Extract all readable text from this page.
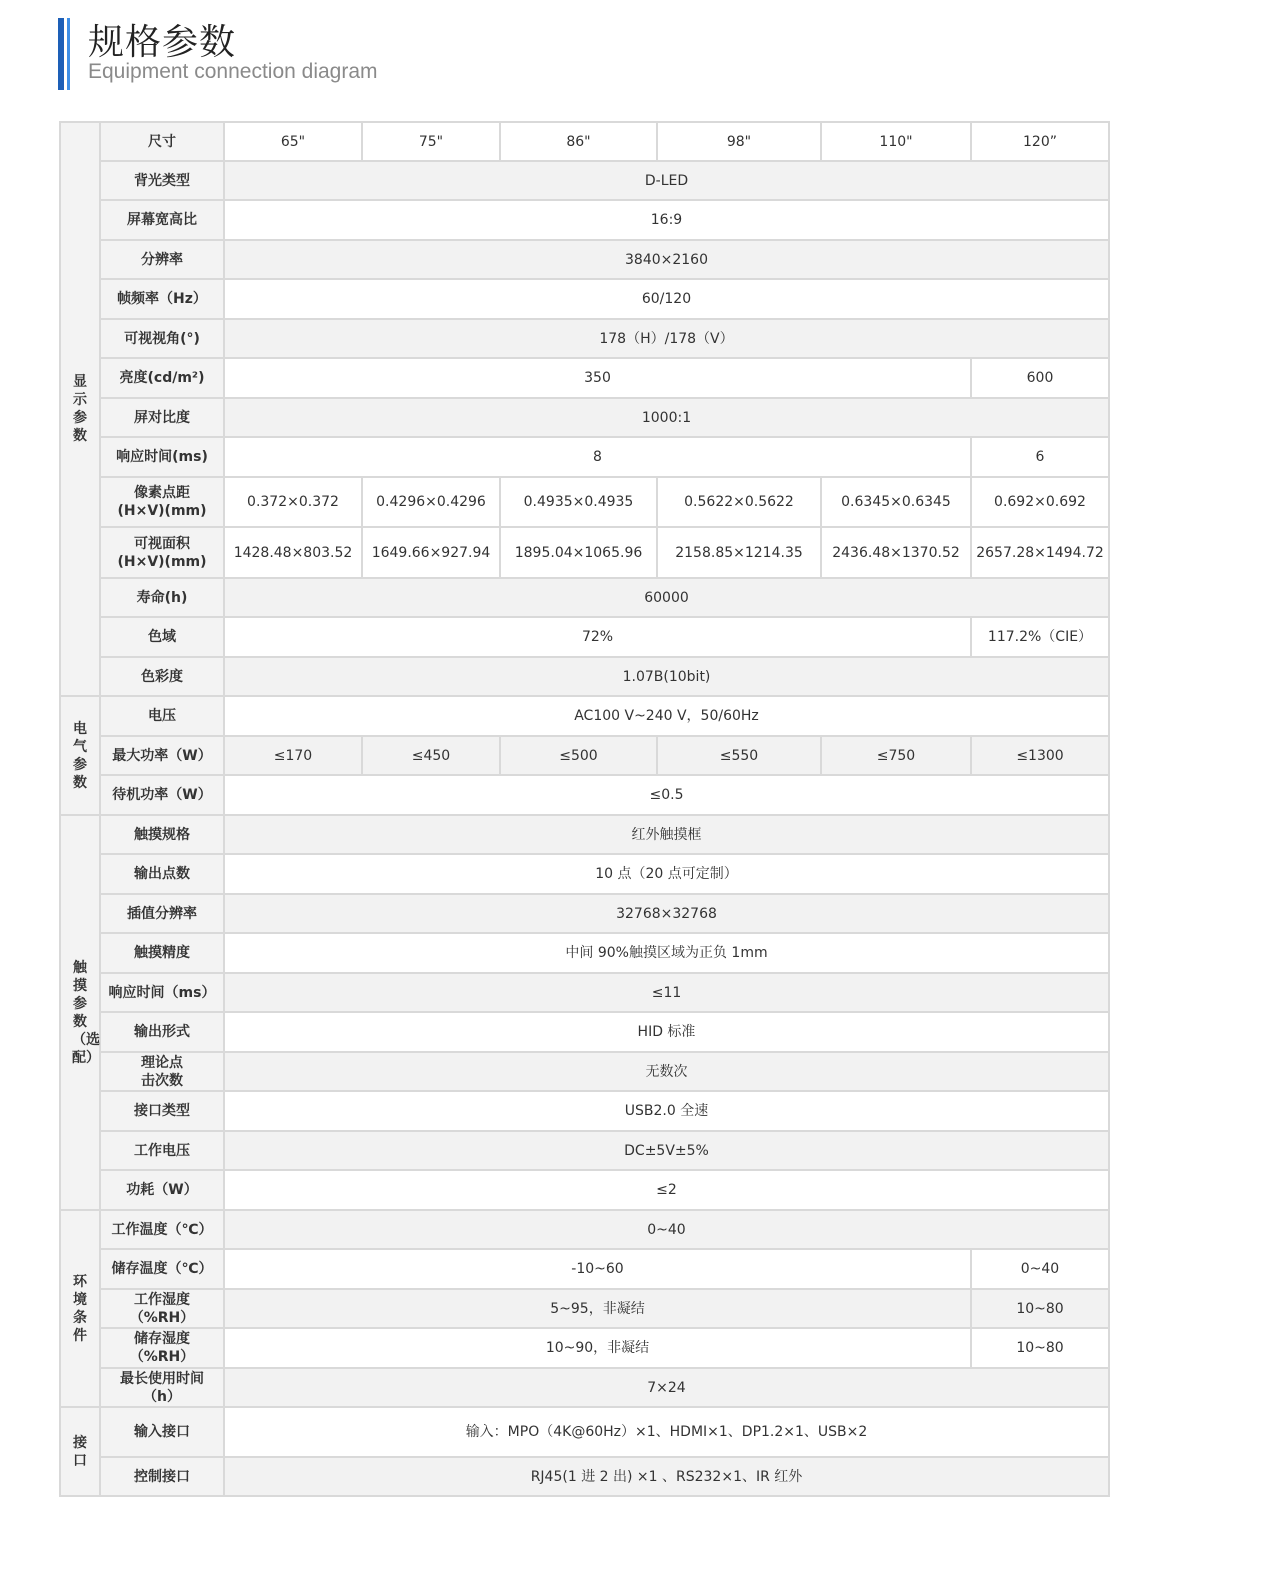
规格参数
Equipment connection diagram
显示参数	尺寸	65"	75"	86"	98"	110"	120”
	背光类型	D-LED					
	屏幕宽高比	16:9					
	分辨率	3840×2160					
	帧频率（Hz）	60/120					
	可视视角(°)	178（H）/178（V）					
	亮度(cd/m²)	350					600
	屏对比度	1000:1					
	响应时间(ms)	8					6
	像素点距
(H×V)(mm)	0.372×0.372	0.4296×0.4296	0.4935×0.4935	0.5622×0.5622	0.6345×0.6345	0.692×0.692
	可视面积
(H×V)(mm)	1428.48×803.52	1649.66×927.94	1895.04×1065.96	2158.85×1214.35	2436.48×1370.52	2657.28×1494.72
	寿命(h)	60000					
	色域	72%					117.2%（CIE）
	色彩度	1.07B(10bit)					
电气参数	电压	AC100 V~240 V，50/60Hz					
	最大功率（W）	≤170	≤450	≤500	≤550	≤750	≤1300
	待机功率（W）	≤0.5					
触摸参数（选配）	触摸规格	红外触摸框					
	输出点数	10 点（20 点可定制）					
	插值分辨率	32768×32768					
	触摸精度	中间 90%触摸区域为正负 1mm					
	响应时间（ms）	≤11					
	输出形式	HID 标准					
	理论点
击次数	无数次					
	接口类型	USB2.0 全速					
	工作电压	DC±5V±5%					
	功耗（W）	≤2					
环境条件	工作温度（℃）	0~40					
	储存温度（℃）	-10~60					0~40
	工作湿度
（%RH）	5~95，非凝结					10~80
	储存湿度
（%RH）	10~90，非凝结					10~80
	最长使用时间
（h）	7×24					
接口	输入接口	输入：MPO（4K@60Hz）×1、HDMI×1、DP1.2×1、USB×2					
	控制接口	RJ45(1 进 2 出) ×1 、RS232×1、IR 红外					
